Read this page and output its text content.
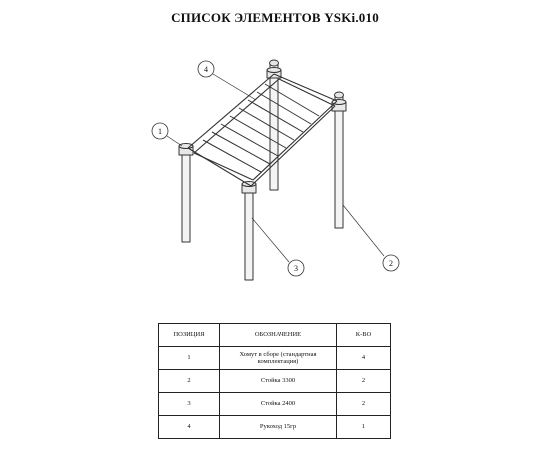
СПИСОК ЭЛЕМЕНТОВ YSKi.010
1
4
2
3
ПОЗИЦИЯ	ОБОЗНАЧЕНИЕ	К-ВО
1	Хомут в сборе (стандартная комплектация)	4
2	Стойка 3300	2
3	Стойка 2400	2
4	Рукоход 15гр	1
